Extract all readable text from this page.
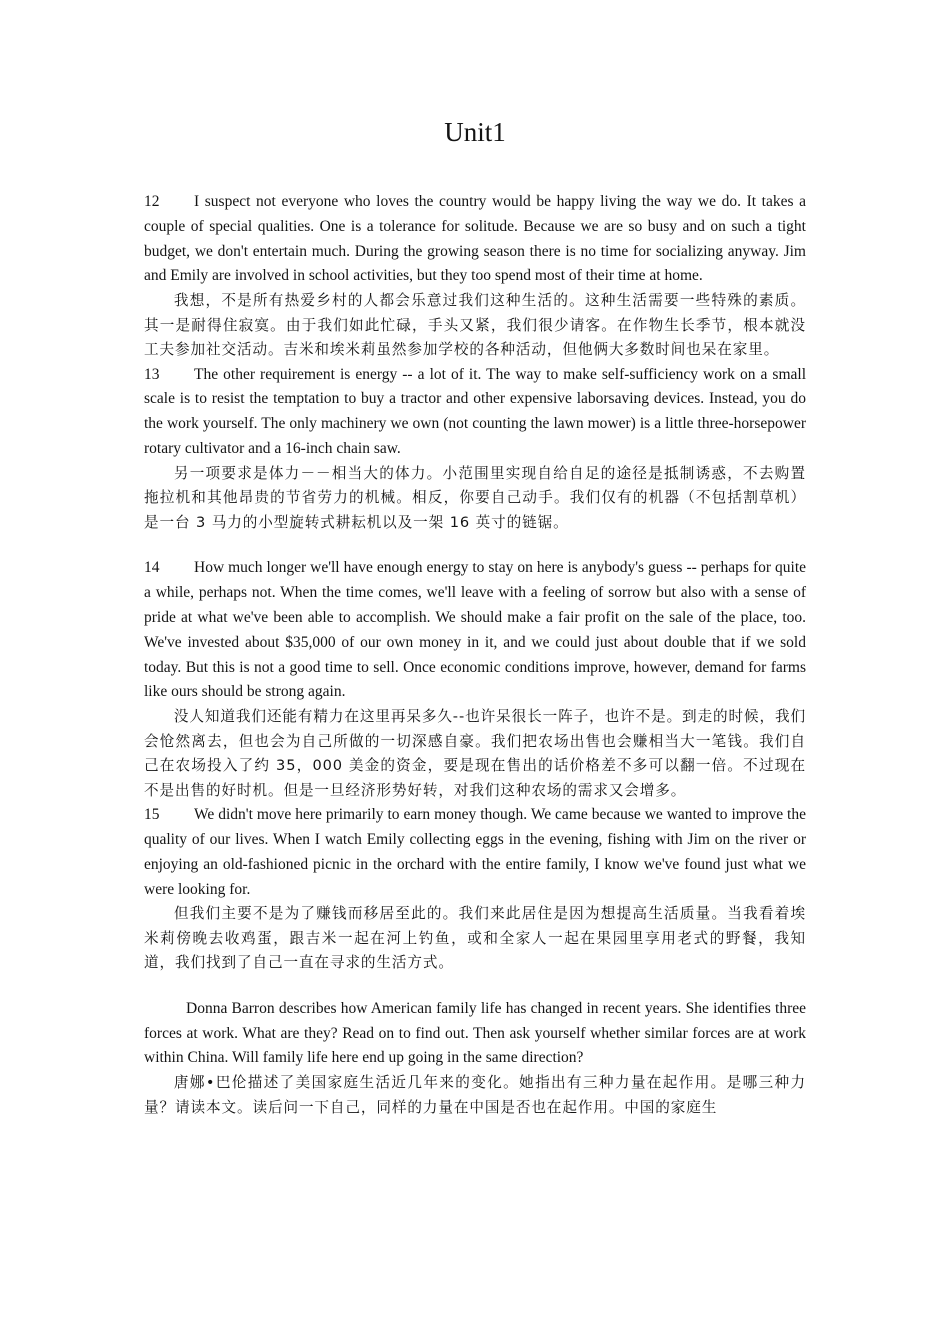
Unit1

12 I suspect not everyone who loves the country would be happy living the way we do. It takes a couple of special qualities. One is a tolerance for solitude. Because we are so busy and on such a tight budget, we don't entertain much. During the growing season there is no time for socializing anyway. Jim and Emily are involved in school activities, but they too spend most of their time at home.

我想，不是所有热爱乡村的人都会乐意过我们这种生活的。这种生活需要一些特殊的素质。其一是耐得住寂寞。由于我们如此忙碌，手头又紧，我们很少请客。在作物生长季节，根本就没工夫参加社交活动。吉米和埃米莉虽然参加学校的各种活动，但他俩大多数时间也呆在家里。

13 The other requirement is energy -- a lot of it. The way to make self-sufficiency work on a small scale is to resist the temptation to buy a tractor and other expensive laborsaving devices. Instead, you do the work yourself. The only machinery we own (not counting the lawn mower) is a little three-horsepower rotary cultivator and a 16-inch chain saw.

另一项要求是体力－－相当大的体力。小范围里实现自给自足的途径是抵制诱惑，不去购置拖拉机和其他昂贵的节省劳力的机械。相反，你要自己动手。我们仅有的机器（不包括割草机）是一台 3 马力的小型旋转式耕耘机以及一架 16 英寸的链锯。

14 How much longer we'll have enough energy to stay on here is anybody's guess -- perhaps for quite a while, perhaps not. When the time comes, we'll leave with a feeling of sorrow but also with a sense of pride at what we've been able to accomplish. We should make a fair profit on the sale of the place, too. We've invested about $35,000 of our own money in it, and we could just about double that if we sold today. But this is not a good time to sell. Once economic conditions improve, however, demand for farms like ours should be strong again.

没人知道我们还能有精力在这里再呆多久--也许呆很长一阵子，也许不是。到走的时候，我们会怆然离去，但也会为自己所做的一切深感自豪。我们把农场出售也会赚相当大一笔钱。我们自己在农场投入了约 35，000 美金的资金，要是现在售出的话价格差不多可以翻一倍。不过现在不是出售的好时机。但是一旦经济形势好转，对我们这种农场的需求又会增多。

15 We didn't move here primarily to earn money though. We came because we wanted to improve the quality of our lives. When I watch Emily collecting eggs in the evening, fishing with Jim on the river or enjoying an old-fashioned picnic in the orchard with the entire family, I know we've found just what we were looking for.

但我们主要不是为了赚钱而移居至此的。我们来此居住是因为想提高生活质量。当我看着埃米莉傍晚去收鸡蛋，跟吉米一起在河上钓鱼，或和全家人一起在果园里享用老式的野餐，我知道，我们找到了自己一直在寻求的生活方式。

Donna Barron describes how American family life has changed in recent years. She identifies three forces at work. What are they? Read on to find out. Then ask yourself whether similar forces are at work within China. Will family life here end up going in the same direction?

唐娜•巴伦描述了美国家庭生活近几年来的变化。她指出有三种力量在起作用。是哪三种力量？请读本文。读后问一下自己，同样的力量在中国是否也在起作用。中国的家庭生
